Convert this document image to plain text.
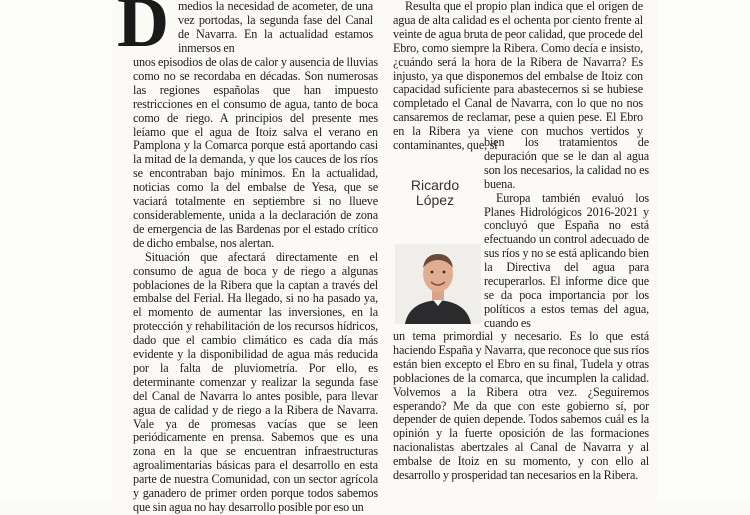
D medios la necesidad de acometer, de una vez portodas, la segunda fase del Canal de Navarra. En la actualidad estamos inmersos en

unos episodios de olas de calor y ausencia de lluvias como no se recordaba en décadas. Son numerosas las regiones españolas que han impuesto restricciones en el consumo de agua, tanto de boca como de riego. A principios del presente mes leíamo que el agua de Itoiz salva el verano en Pamplona y la Comarca porque está aportando casi la mitad de la demanda, y que los cauces de los ríos se encontraban bajo mínimos. En la actualidad, noticias como la del embalse de Yesa, que se vaciará totalmente en septiembre si no llueve considerablemente, unida a la declaración de zona de emergencia de las Bardenas por el estado crítico de dicho embalse, nos alertan.

Situación que afectará directamente en el consumo de agua de boca y de riego a algunas poblaciones de la Ribera que la captan a través del embalse del Ferial. Ha llegado, si no ha pasado ya, el momento de aumentar las inversiones, en la protección y rehabilitación de los recursos hídricos, dado que el cambio climático es cada día más evidente y la disponibilidad de agua más reducida por la falta de pluviometría. Por ello, es determinante comenzar y realizar la segunda fase del Canal de Navarra lo antes posible, para llevar agua de calidad y de riego a la Ribera de Navarra. Vale ya de promesas vacías que se leen periódicamente en prensa. Sabemos que es una zona en la que se encuentran infraestructuras agroalimentarias básicas para el desarrollo en esta parte de nuestra Comunidad, con un sector agrícola y ganadero de primer orden porque todos sabemos que sin agua no hay desarrollo posible por eso un

Resulta que el propio plan indica que el origen de agua de alta calidad es el ochenta por ciento frente al veinte de agua bruta de peor calidad, que procede del Ebro, como siempre la Ribera. Como decía e insisto, ¿cuándo será la hora de la Ribera de Navarra? Es injusto, ya que disponemos del embalse de Itoiz con capacidad suficiente para abastecernos si se hubiese completado el Canal de Navarra, con lo que no nos cansaremos de reclamar, pese a quien pese. El Ebro en la Ribera ya viene con muchos vertidos y contaminantes, que, si

bien los tratamientos de depuración que se le dan al agua son los necesarios, la calidad no es buena.

Europa también evaluó los Planes Hidrológicos 2016-2021 y concluyó que España no está efectuando un control adecuado de sus ríos y no se está aplicando bien la Directiva del agua para recuperarlos. El informe dice que se da poca importancia por los políticos a estos temas del agua, cuando es

un tema primordial y necesario. Es lo que está haciendo España y Navarra, que reconoce que sus ríos están bien excepto el Ebro en su final, Tudela y otras poblaciones de la comarca, que incumplen la calidad. Volvemos a la Ribera otra vez. ¿Seguiremos esperando? Me da que con este gobierno sí, por depender de quien depende. Todos sabemos cuál es la opinión y la fuerte oposición de las formaciones nacionalistas abertzales al Canal de Navarra y al embalse de Itoiz en su momento, y con ello al desarrollo y prosperidad tan necesarios en la Ribera.

Ricardo
López
